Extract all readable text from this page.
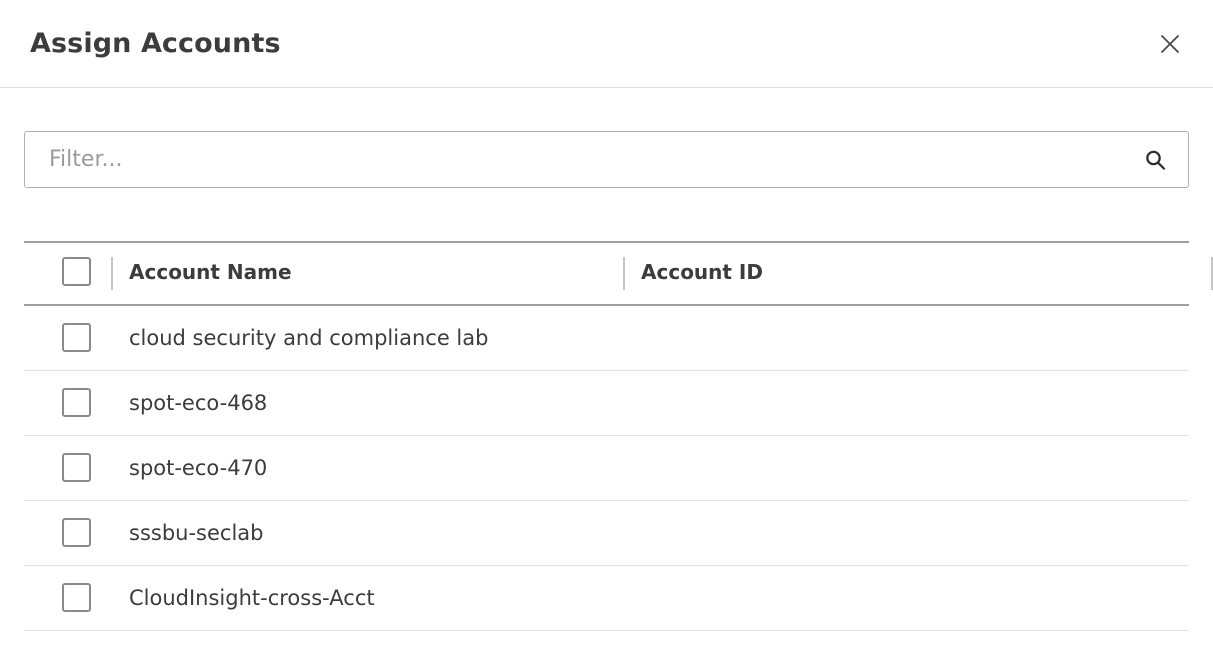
Assign Accounts
Filter...
	Account Name	Account ID
	cloud security and compliance lab	
	spot-eco-468	
	spot-eco-470	
	sssbu-seclab	
	CloudInsight-cross-Acct	
